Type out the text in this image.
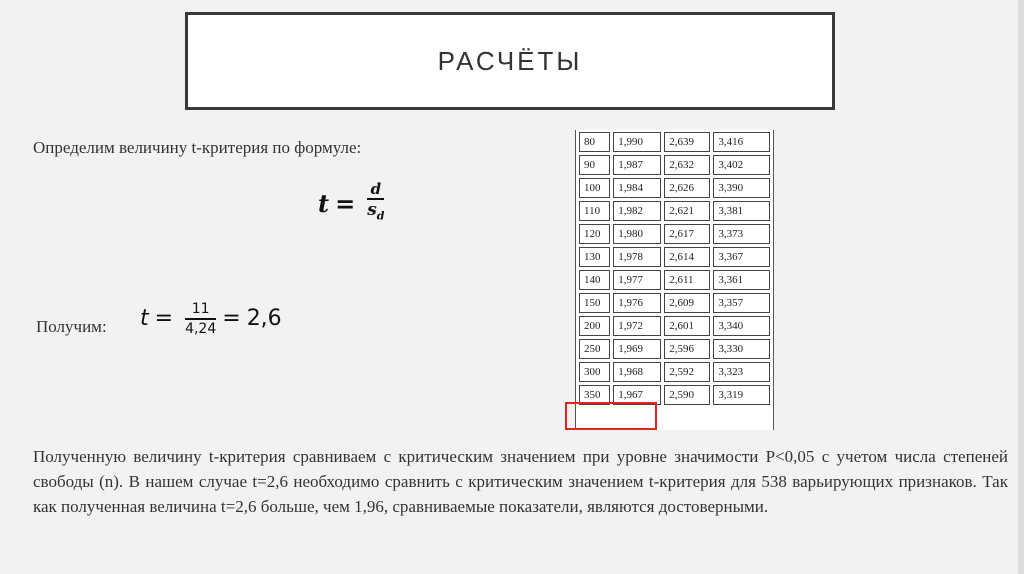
РАСЧЁТЫ
Определим величину t-критерия по формуле:
$t = \frac{d}{s_d}$
Получим: $t = \frac{11}{4,24} = 2,6$
80	1,990	2,639	3,416
90	1,987	2,632	3,402
100	1,984	2,626	3,390
110	1,982	2,621	3,381
120	1,980	2,617	3,373
130	1,978	2,614	3,367
140	1,977	2,611	3,361
150	1,976	2,609	3,357
200	1,972	2,601	3,340
250	1,969	2,596	3,330
300	1,968	2,592	3,323
350	1,967	2,590	3,319
Полученную величину t-критерия сравниваем с критическим значением при уровне значимости P<0,05 с учетом числа степеней свободы (n). В нашем случае t=2,6 необходимо сравнить с критическим значением t-критерия для 538 варьирующих признаков. Так как полученная величина t=2,6 больше, чем 1,96, сравниваемые показатели, являются достоверными.
